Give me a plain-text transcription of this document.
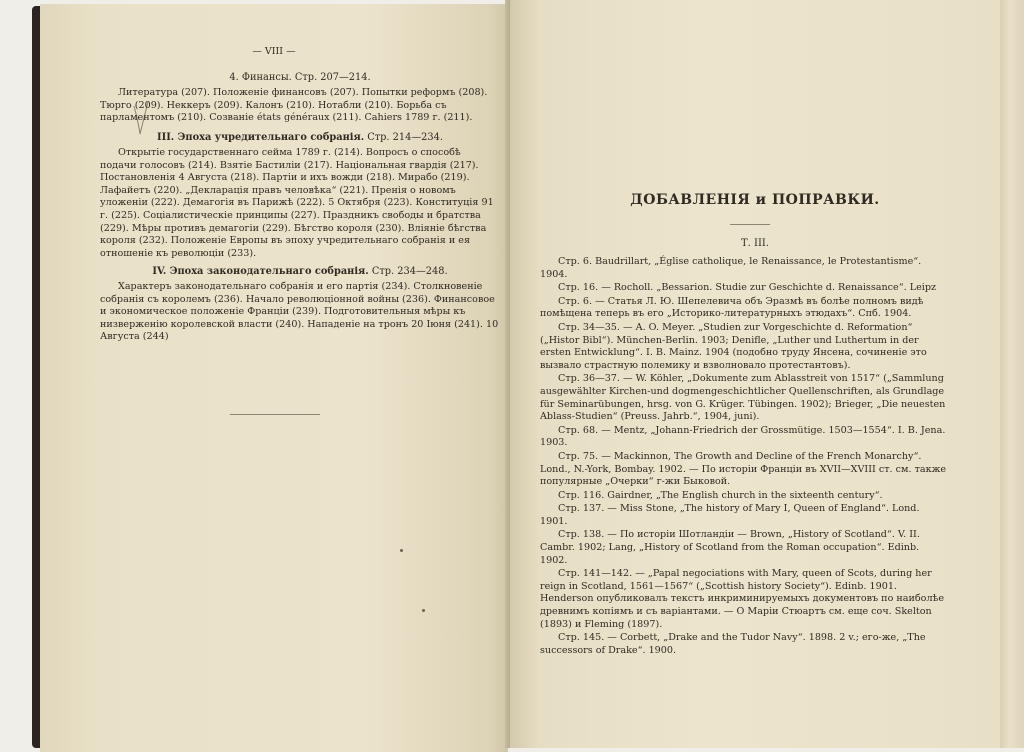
— VIII —

4. Финансы. Стр. 207—214.

Литература (207). Положеніе финансовъ (207). Попытки реформъ (208). Тюрго (209). Неккеръ (209). Калонъ (210). Нотабли (210). Борьба съ парламентомъ (210). Созваніе états généraux (211). Cahiers 1789 г. (211).

III. Эпоха учредительнаго собранія. Стр. 214—234.

Открытіе государственнаго сейма 1789 г. (214). Вопросъ о способѣ подачи голосовъ (214). Взятіе Бастиліи (217). Національная гвардія (217). Постановленія 4 Августа (218). Партіи и ихъ вожди (218). Мирабо (219). Лафайетъ (220). „Декларація правъ человѣка“ (221). Пренія о новомъ уложеніи (222). Демагогія въ Парижѣ (222). 5 Октября (223). Конституція 91 г. (225). Соціалистическіе принципы (227). Праздникъ свободы и братства (229). Мѣры противъ демагогіи (229). Бѣгство короля (230). Вліяніе бѣгства короля (232). Положеніе Европы въ эпоху учредительнаго собранія и ея отношеніе къ революціи (233).

IV. Эпоха законодательнаго собранія. Стр. 234—248.

Характеръ законодательнаго собранія и его партія (234). Столкновеніе собранія съ королемъ (236). Начало революціонной войны (236). Финансовое и экономическое положеніе Франціи (239). Подготовительныя мѣры къ низверженію королевской власти (240). Нападеніе на тронъ 20 Іюня (241). 10 Августа (244)

ДОБАВЛЕНІЯ и ПОПРАВКИ.
Т. III.

Стр. 6. Baudrillart, „Église catholique, le Renaissance, le Protestantisme“. 1904.

Стр. 16. — Rocholl. „Bessarion. Studie zur Geschichte d. Renaissance“. Leipz

Стр. 6. — Статья Л. Ю. Шепелевича объ Эразмѣ въ болѣе полномъ видѣ помѣщена теперь въ его „Историко-литературныхъ этюдахъ“. Спб. 1904.

Стр. 34—35. — A. O. Meyer. „Studien zur Vorgeschichte d. Reformation“ („Histor Bibl“). München-Berlin. 1903; Denifle, „Luther und Luthertum in der ersten Entwicklung“. I. B. Mainz. 1904 (подобно труду Янсена, сочиненіе это вызвало страстную полемику и взволновало протестантовъ).

Стр. 36—37. — W. Köhler, „Dokumente zum Ablasstreit von 1517“ („Sammlung ausgewählter Kirchen-und dogmengeschichtlicher Quellenschriften, als Grundlage für Seminarübungen, hrsg. von G. Krüger. Tübingen. 1902); Brieger, „Die neuesten Ablass-Studien“ (Preuss. Jahrb.“, 1904, juni).

Стр. 68. — Mentz, „Johann-Friedrich der Grossmütige. 1503—1554“. I. B. Jena. 1903.

Стр. 75. — Mackinnon, The Growth and Decline of the French Monarchy“. Lond., N.-York, Bombay. 1902. — По исторіи Франціи въ XVII—XVIII ст. см. также популярные „Очерки“ г-жи Быковой.

Стр. 116. Gairdner, „The English church in the sixteenth century“.

Стр. 137. — Miss Stone, „The history of Mary I, Queen of England“. Lond. 1901.

Стр. 138. — По исторіи Шотландіи — Brown, „History of Scotland“. V. II. Cambr. 1902; Lang, „History of Scotland from the Roman occupation“. Edinb. 1902.

Стр. 141—142. — „Papal negociations with Mary, queen of Scots, during her reign in Scotland, 1561—1567“ („Scottish history Society“). Edinb. 1901. Henderson опубликовалъ текстъ инкриминируемыхъ документовъ по наиболѣе древнимъ копіямъ и съ варіантами. — О Маріи Стюартъ см. еще соч. Skelton (1893) и Fleming (1897).

Стр. 145. — Corbett, „Drake and the Tudor Navy“. 1898. 2 v.; его-же, „The successors of Drake“. 1900.
